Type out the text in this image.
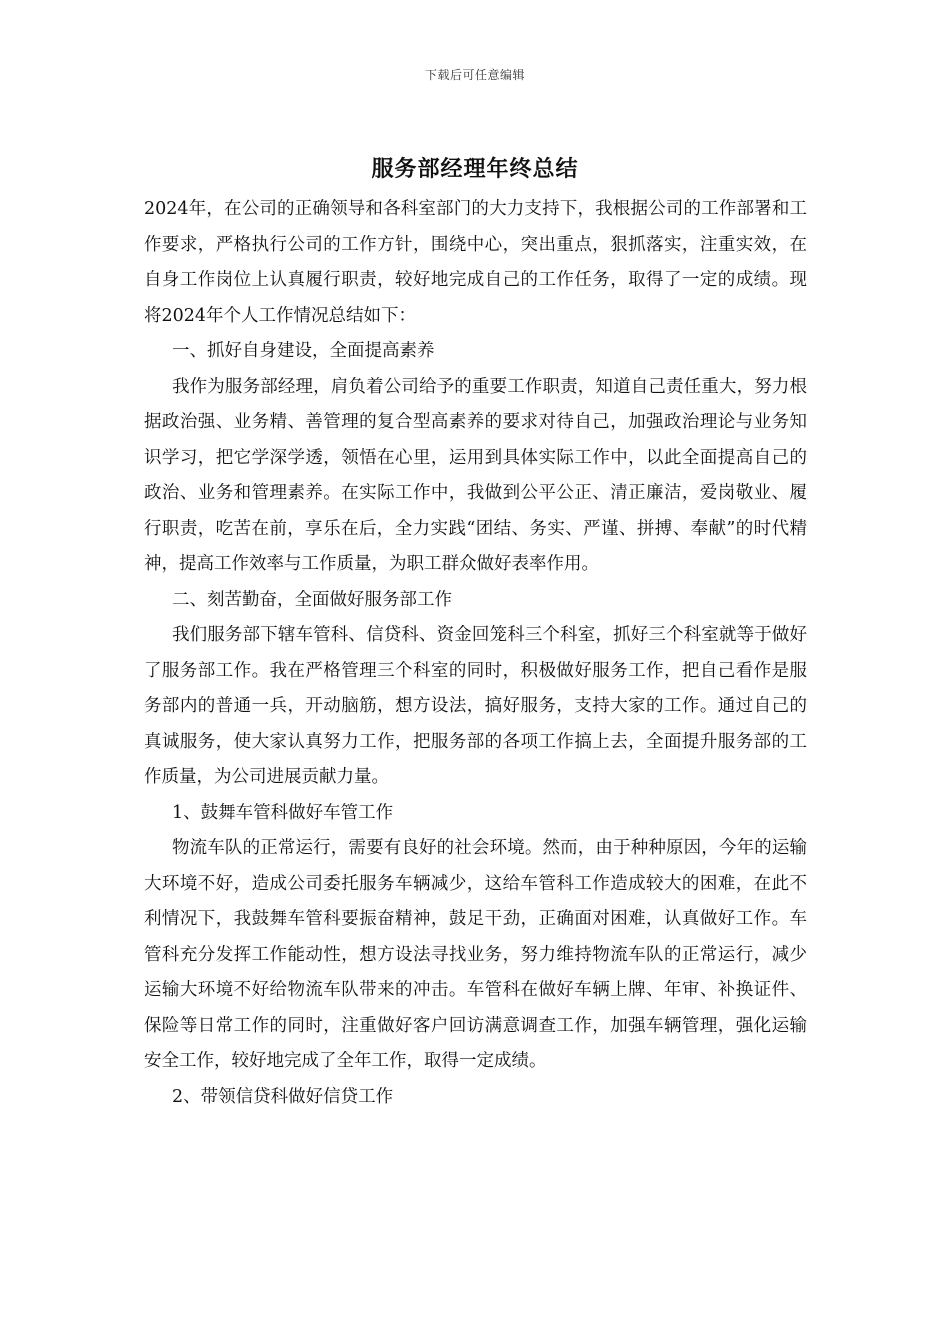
下载后可任意编辑
服务部经理年终总结

2024年，在公司的正确领导和各科室部门的大力支持下，我根据公司的工作部署和工作要求，严格执行公司的工作方针，围绕中心，突出重点，狠抓落实，注重实效，在自身工作岗位上认真履行职责，较好地完成自己的工作任务，取得了一定的成绩。现将2024年个人工作情况总结如下：

一、抓好自身建设，全面提高素养

我作为服务部经理，肩负着公司给予的重要工作职责，知道自己责任重大，努力根据政治强、业务精、善管理的复合型高素养的要求对待自己，加强政治理论与业务知识学习，把它学深学透，领悟在心里，运用到具体实际工作中，以此全面提高自己的政治、业务和管理素养。在实际工作中，我做到公平公正、清正廉洁，爱岗敬业、履行职责，吃苦在前，享乐在后，全力实践“团结、务实、严谨、拼搏、奉献”的时代精神，提高工作效率与工作质量，为职工群众做好表率作用。

二、刻苦勤奋，全面做好服务部工作

我们服务部下辖车管科、信贷科、资金回笼科三个科室，抓好三个科室就等于做好了服务部工作。我在严格管理三个科室的同时，积极做好服务工作，把自己看作是服务部内的普通一兵，开动脑筋，想方设法，搞好服务，支持大家的工作。通过自己的真诚服务，使大家认真努力工作，把服务部的各项工作搞上去，全面提升服务部的工作质量，为公司进展贡献力量。

1、鼓舞车管科做好车管工作

物流车队的正常运行，需要有良好的社会环境。然而，由于种种原因，今年的运输大环境不好，造成公司委托服务车辆减少，这给车管科工作造成较大的困难，在此不利情况下，我鼓舞车管科要振奋精神，鼓足干劲，正确面对困难，认真做好工作。车管科充分发挥工作能动性，想方设法寻找业务，努力维持物流车队的正常运行，减少运输大环境不好给物流车队带来的冲击。车管科在做好车辆上牌、年审、补换证件、保险等日常工作的同时，注重做好客户回访满意调查工作，加强车辆管理，强化运输安全工作，较好地完成了全年工作，取得一定成绩。

2、带领信贷科做好信贷工作
